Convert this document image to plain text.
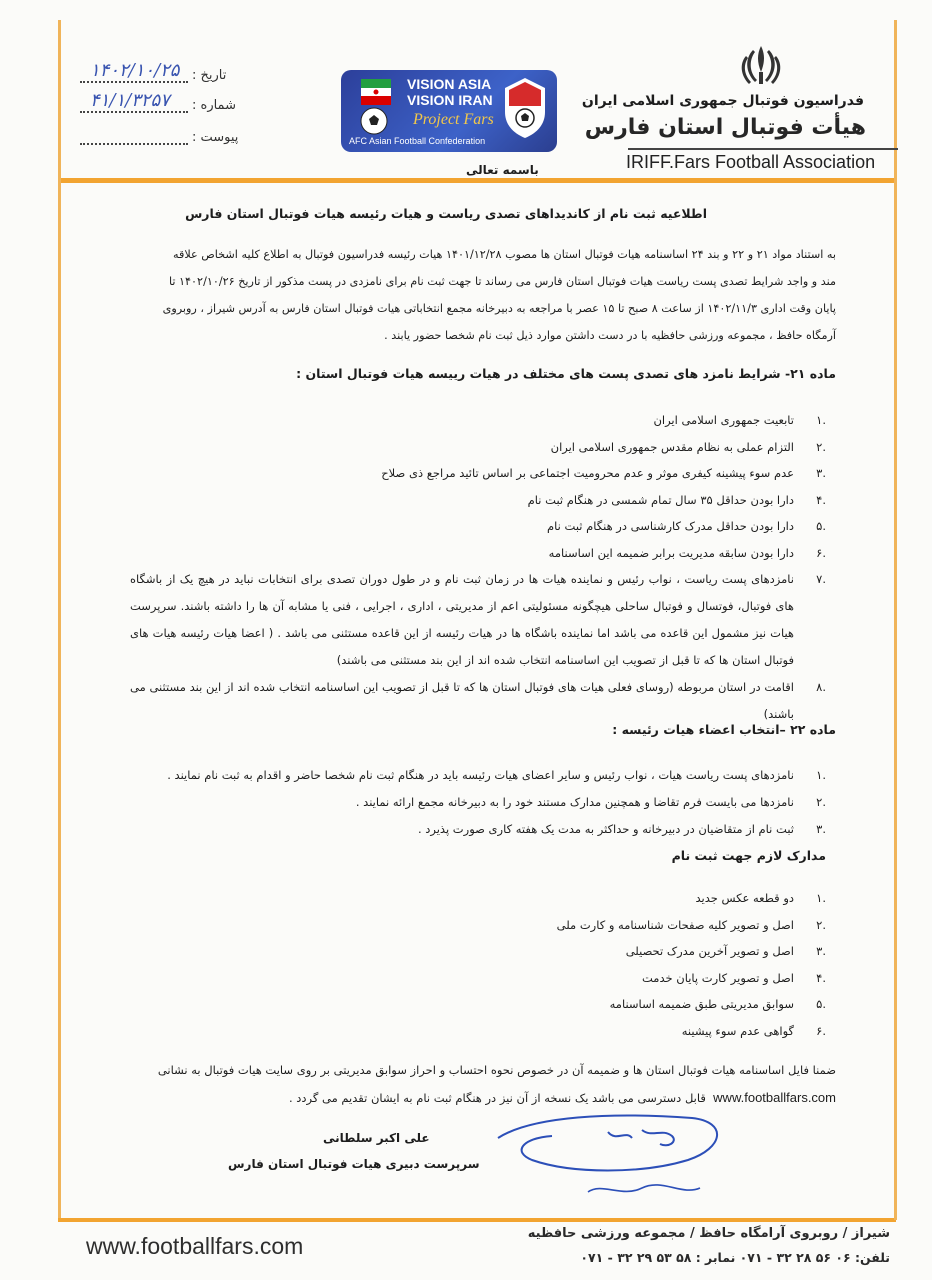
فدراسیون فوتبال جمهوری اسلامی ایران
هیأت فوتبال استان فارس
IRIFF.Fars Football Association
VISION ASIA
VISION IRAN
Project Fars
AFC Asian Football Confederation
باسمه تعالی
تاریخ :
۱۴۰۲/۱۰/۲۵
شماره :
۴۱/۱/۳۲۵۷
پیوست :
اطلاعیه ثبت نام از کاندیداهای تصدی ریاست و هیات رئیسه هیات فوتبال استان فارس

به استناد مواد ۲۱ و ۲۲ و بند ۲۴ اساسنامه هیات فوتبال استان ها مصوب ۱۴۰۱/۱۲/۲۸ هیات رئیسه فدراسیون فوتبال به اطلاع کلیه اشخاص علاقه

مند و واجد شرایط تصدی پست ریاست هیات فوتبال استان فارس می رساند تا جهت ثبت نام برای نامزدی در پست مذکور از تاریخ ۱۴۰۲/۱۰/۲۶ تا

پایان وقت اداری ۱۴۰۲/۱۱/۳ از ساعت ۸ صبح تا ۱۵ عصر با مراجعه به دبیرخانه مجمع انتخاباتی هیات فوتبال استان فارس به آدرس شیراز ، روبروی

آرمگاه حافظ ، مجموعه ورزشی حافظیه با در دست داشتن موارد ذیل ثبت نام شخصا حضور یابند .

ماده ۲۱- شرایط نامزد های تصدی پست های مختلف در هیات رییسه هیات فوتبال استان :
.۱
تابعیت جمهوری اسلامی ایران
.۲
التزام عملی به نظام مقدس جمهوری اسلامی ایران
.۳
عدم سوء پیشینه کیفری موثر و عدم محرومیت اجتماعی بر اساس تائید مراجع ذی صلاح
.۴
دارا بودن حداقل ۳۵ سال تمام شمسی در هنگام ثبت نام
.۵
دارا بودن حداقل مدرک کارشناسی در هنگام ثبت نام
.۶
دارا بودن سابقه مدیریت برابر ضمیمه این اساسنامه
.۷
نامزدهای پست ریاست ، نواب رئیس و نماینده هیات ها در زمان ثبت نام و در طول دوران تصدی برای انتخابات نباید در هیچ یک از باشگاه های فوتبال، فوتسال و فوتبال ساحلی هیچگونه مسئولیتی اعم از مدیریتی ، اداری ، اجرایی ، فنی یا مشابه آن ها را داشته باشند. سرپرست هیات نیز مشمول این قاعده می باشد اما نماینده باشگاه ها در هیات رئیسه از این قاعده مستثنی می باشد . ( اعضا هیات رئیسه هیات های فوتبال استان ها که تا قبل از تصویب این اساسنامه انتخاب شده اند از این بند مستثنی می باشند)
.۸
اقامت در استان مربوطه (روسای فعلی هیات های فوتبال استان ها که تا قبل از تصویب این اساسنامه انتخاب شده اند از این بند مستثنی می باشند)
ماده ۲۲ –انتخاب اعضاء هیات رئیسه :
.۱
نامزدهای پست ریاست هیات ، نواب رئیس و سایر اعضای هیات رئیسه باید در هنگام ثبت نام شخصا حاضر و اقدام به ثبت نام نمایند .
.۲
نامزدها می بایست فرم تقاضا و همچنین مدارک مستند خود را به دبیرخانه مجمع ارائه نمایند .
.۳
ثبت نام از متقاضیان در دبیرخانه و حداکثر به مدت یک هفته کاری صورت پذیرد .
مدارک لازم جهت ثبت نام
.۱
دو قطعه عکس جدید
.۲
اصل و تصویر کلیه صفحات شناسنامه و کارت ملی
.۳
اصل و تصویر آخرین مدرک تحصیلی
.۴
اصل و تصویر کارت پایان خدمت
.۵
سوابق مدیریتی طبق ضمیمه اساسنامه
.۶
گواهی عدم سوء پیشینه
ضمنا فایل اساسنامه هیات فوتبال استان ها و ضمیمه آن در خصوص نحوه احتساب و احراز سوابق مدیریتی بر روی سایت هیات فوتبال به نشانی
www.footballfars.com  قابل دسترسی می باشد یک نسخه از آن نیز در هنگام ثبت نام به ایشان تقدیم می گردد .
علی اکبر سلطانی
سرپرست دبیری هیات فوتبال استان فارس
www.footballfars.com	شیراز / روبروی آرامگاه حافظ / مجموعه ورزشی حافظیه
تلفن: ۰۶ ۵۶ ۲۸ ۳۲ - ۰۷۱ نمابر : ۵۸ ۵۳ ۲۹ ۳۲ - ۰۷۱
